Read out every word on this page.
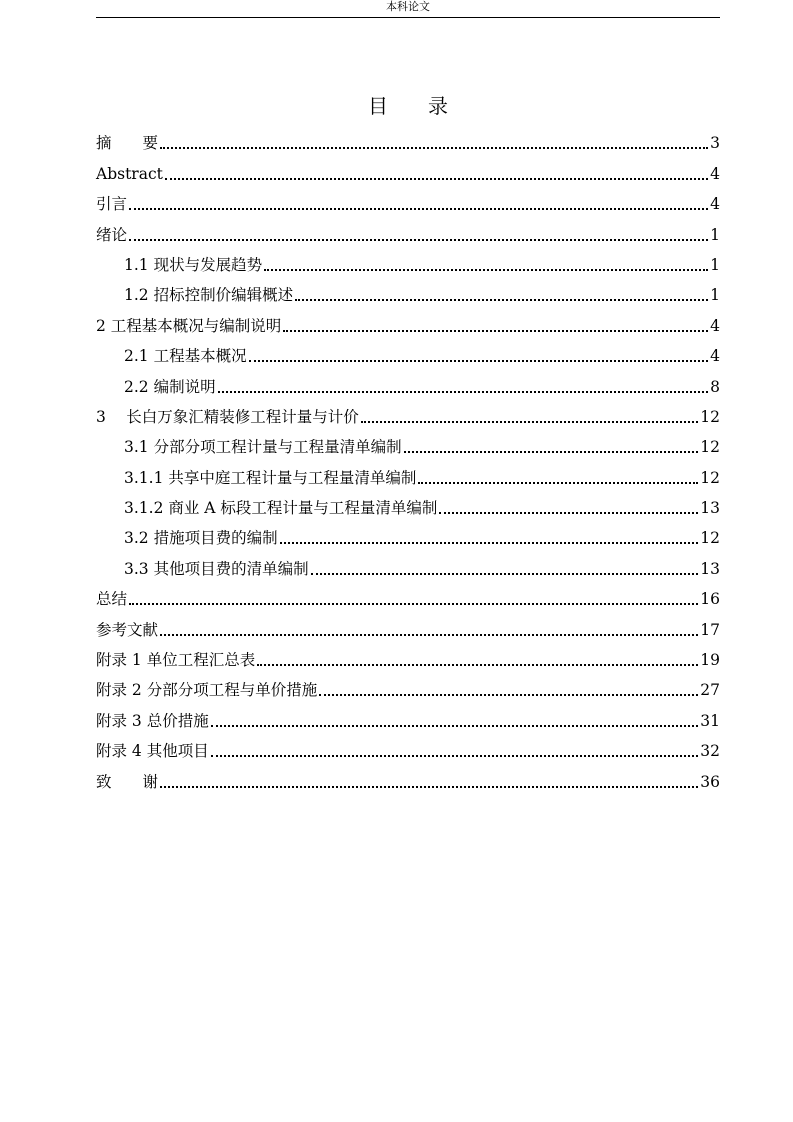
本科论文
目　　录
摘　　要	3
Abstract	4
引言	4
绪论	1
1.1 现状与发展趋势	1
1.2 招标控制价编辑概述	1
2 工程基本概况与编制说明	4
2.1 工程基本概况	4
2.2 编制说明	8
3　 长白万象汇精装修工程计量与计价	12
3.1 分部分项工程计量与工程量清单编制	12
3.1.1 共享中庭工程计量与工程量清单编制	12
3.1.2 商业 A 标段工程计量与工程量清单编制	13
3.2 措施项目费的编制	12
3.3 其他项目费的清单编制	13
总结	16
参考文献	17
附录 1 单位工程汇总表	19
附录 2 分部分项工程与单价措施	27
附录 3 总价措施	31
附录 4 其他项目	32
致　　谢	36
